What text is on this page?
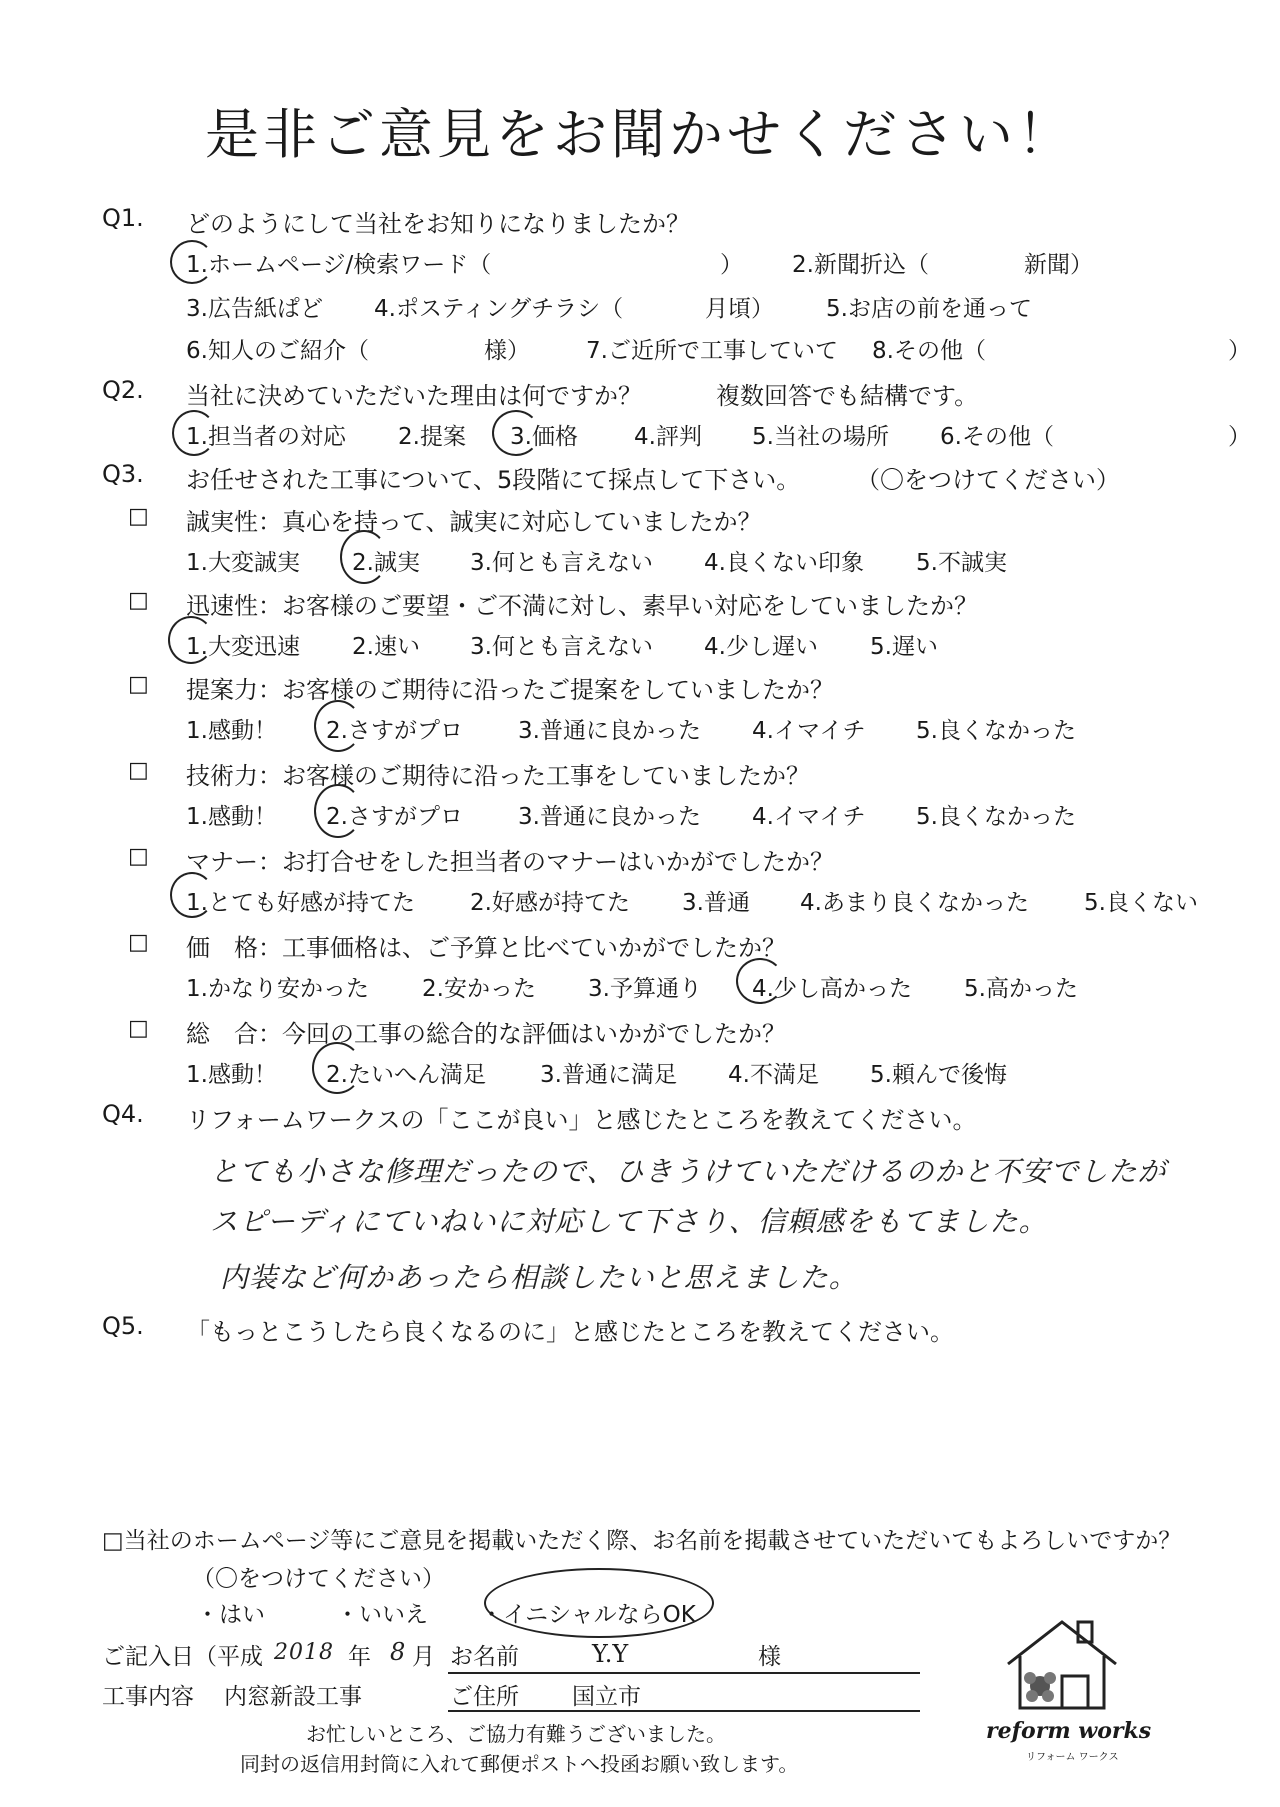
是非ご意見をお聞かせください！
Q1. どのようにして当社をお知りになりましたか？
1.ホームページ/検索ワード（	） 2.新聞折込（	新聞）
3.広告紙ぱど 4.ポスティングチラシ（	月頃） 5.お店の前を通って
6.知人のご紹介（	様） 7.ご近所で工事していて 8.その他（	）
Q2. 当社に決めていただいた理由は何ですか？	複数回答でも結構です。
1.担当者の対応 2.提案 3.価格 4.評判 5.当社の場所 6.その他（	）
Q3. お任せされた工事について、5段階にて採点して下さい。 （〇をつけてください）
□ 誠実性：真心を持って、誠実に対応していましたか？
1.大変誠実 2.誠実 3.何とも言えない 4.良くない印象 5.不誠実
□ 迅速性：お客様のご要望・ご不満に対し、素早い対応をしていましたか？
1.大変迅速 2.速い 3.何とも言えない 4.少し遅い 5.遅い
□ 提案力：お客様のご期待に沿ったご提案をしていましたか？
1.感動！ 2.さすがプロ 3.普通に良かった 4.イマイチ 5.良くなかった
□ 技術力：お客様のご期待に沿った工事をしていましたか？
1.感動！ 2.さすがプロ 3.普通に良かった 4.イマイチ 5.良くなかった
□ マナー：お打合せをした担当者のマナーはいかがでしたか？
1.とても好感が持てた 2.好感が持てた 3.普通 4.あまり良くなかった 5.良くない
□ 価　格：工事価格は、ご予算と比べていかがでしたか？
1.かなり安かった 2.安かった 3.予算通り 4.少し高かった 5.高かった
□ 総　合：今回の工事の総合的な評価はいかがでしたか？
1.感動！ 2.たいへん満足 3.普通に満足 4.不満足 5.頼んで後悔
Q4. リフォームワークスの「ここが良い」と感じたところを教えてください。
とても小さな修理だったので、ひきうけていただけるのかと不安でしたが
スピーディにていねいに対応して下さり、信頼感をもてました。
内装など何かあったら相談したいと思えました。
Q5. 「もっとこうしたら良くなるのに」と感じたところを教えてください。
□当社のホームページ等にご意見を掲載いただく際、お名前を掲載させていただいてもよろしいですか？
（〇をつけてください）
・はい	・いいえ ・イニシャルならOK
ご記入日（平成 2018 年 8 月 お名前	Y.Y	様
工事内容 内窓新設工事	ご住所 国立市
お忙しいところ、ご協力有難うございました。
同封の返信用封筒に入れて郵便ポストへ投函お願い致します。
reform works
リフォーム ワークス
